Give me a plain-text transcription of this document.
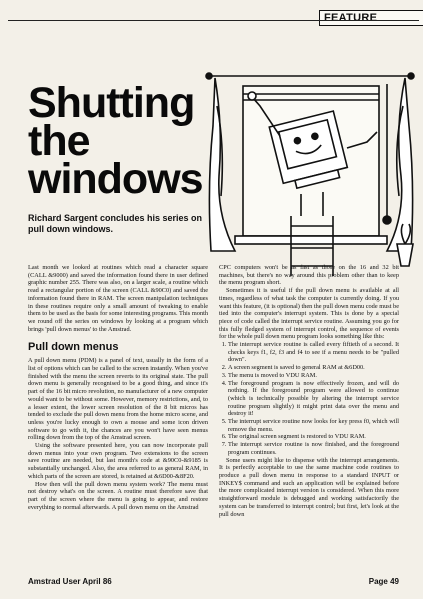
FEATURE
Shutting
the
windows
Richard Sargent concludes his series on pull down windows.

Last month we looked at routines which read a character square (CALL &9000) and saved the information found there in user defined graphic number 255. There was also, on a larger scale, a routine which read a rectangular portion of the screen (CALL &90C0) and saved the information found there in RAM. The screen manipulation techniques in these routines require only a small amount of tweaking to enable them to be used as the basis for some interesting programs. This month we round off the series on windows by looking at a program which brings 'pull down menus' to the Amstrad.

Pull down menus

A pull down menu (PDM) is a panel of text, usually in the form of a list of options which can be called to the screen instantly. When you've finished with the menu the screen reverts to its original state. The pull down menu is generally recognised to be a good thing, and since it's part of the 16 bit micro revolution, no manufacturer of a new computer would want to be without some. However, memory restrictions, and, to a lesser extent, the lower screen resolution of the 8 bit micros has tended to exclude the pull down menu from the home micro scene, and unless you're lucky enough to own a mouse and some icon driven software to go with it, the chances are you won't have seen menus rolling down from the top of the Amstrad screen.

Using the software presented here, you can now incorporate pull down menus into your own program. Two extensions to the screen save routine are needed, but last month's code at &90C0-&9185 is substantially unchanged. Also, the area referred to as general RAM, in which parts of the screen are stored, is retained at &6D00-&8F20.

How then will the pull down menu system work? The menu must not destroy what's on the screen. A routine must therefore save that part of the screen where the menu is going to appear, and restore everything to normal afterwards. A pull down menu on the Amstrad

CPC computers won't be as fast as those on the 16 and 32 bit machines, but there's no way around this problem other than to keep the menu program short.

Sometimes it is useful if the pull down menu is available at all times, regardless of what task the computer is currently doing. If you want this feature, (it is optional) then the pull down menu code must be tied into the computer's interrupt system. This is done by a special piece of code called the interrupt service routine. Assuming you go for this fully fledged system of interrupt control, the sequence of events for the whole pull down menu program looks something like this:

1. The interrupt service routine is called every fiftieth of a second. It checks keys f1, f2, f3 and f4 to see if a menu needs to be "pulled down".
2. A screen segment is saved to general RAM at &6D00.
3. The menu is moved to VDU RAM.
4. The foreground program is now effectively frozen, and will do nothing. If the foreground program were allowed to continue (which is technically possible by altering the interrupt service routine program slightly) it might print data over the menu and destroy it!
5. The interrupt service routine now looks for key press f0, which will remove the menu.
6. The original screen segment is restored to VDU RAM.
7. The interrupt service routine is now finished, and the foreground program continues.

Some users might like to dispense with the interrupt arrangements. It is perfectly acceptable to use the same machine code routines to produce a pull down menu in response to a standard INPUT or INKEY$ command and such an application will be explained before the more complicated interrupt version is considered. When this more straightforward module is debugged and working satisfactorily the system can be transferred to interrupt control; but first, let's look at the pull down

Amstrad User April 86	Page 49
